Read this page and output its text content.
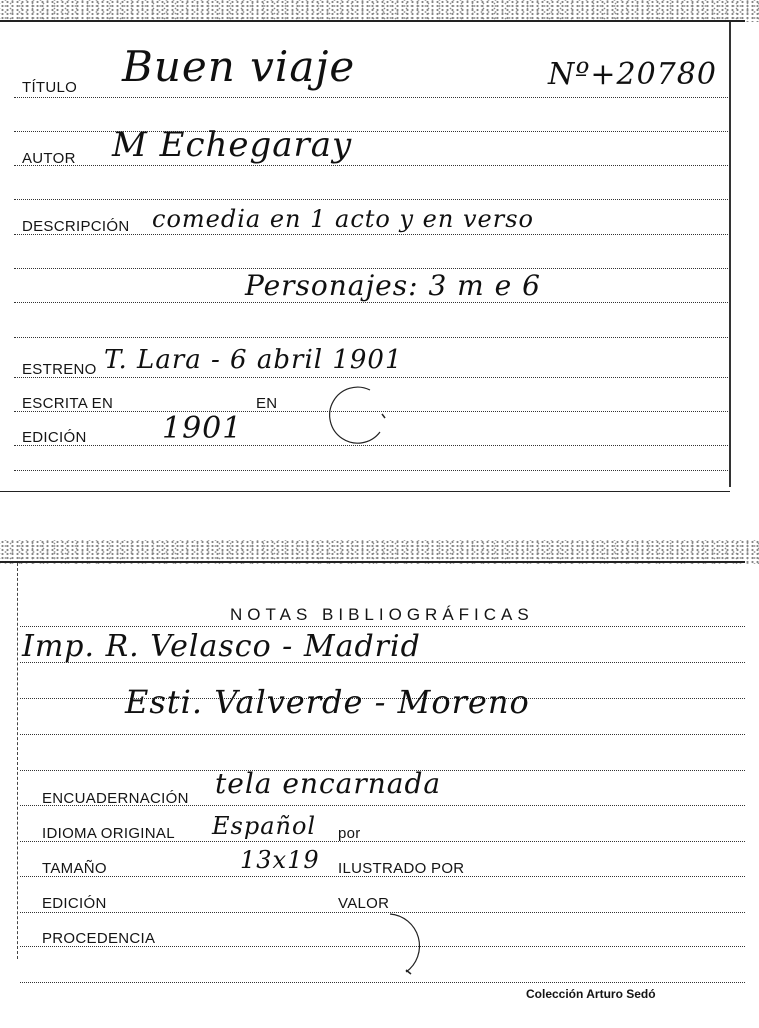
TÍTULO Buen viaje	Nº+20780
AUTOR M Echegaray
DESCRIPCIÓN comedia en 1 acto y en verso
Personajes: 3 m e 6
ESTRENO T. Lara - 6 abril 1901
ESCRITA EN	EN
EDICIÓN	1901
NOTAS BIBLIOGRÁFICAS
Imp. R. Velasco - Madrid
Esti. Valverde - Moreno
ENCUADERNACIÓN tela encarnada
IDIOMA ORIGINAL Español por
TAMAÑO	13x19 ILUSTRADO POR
EDICIÓN	VALOR
PROCEDENCIA
Colección Arturo Sedó
